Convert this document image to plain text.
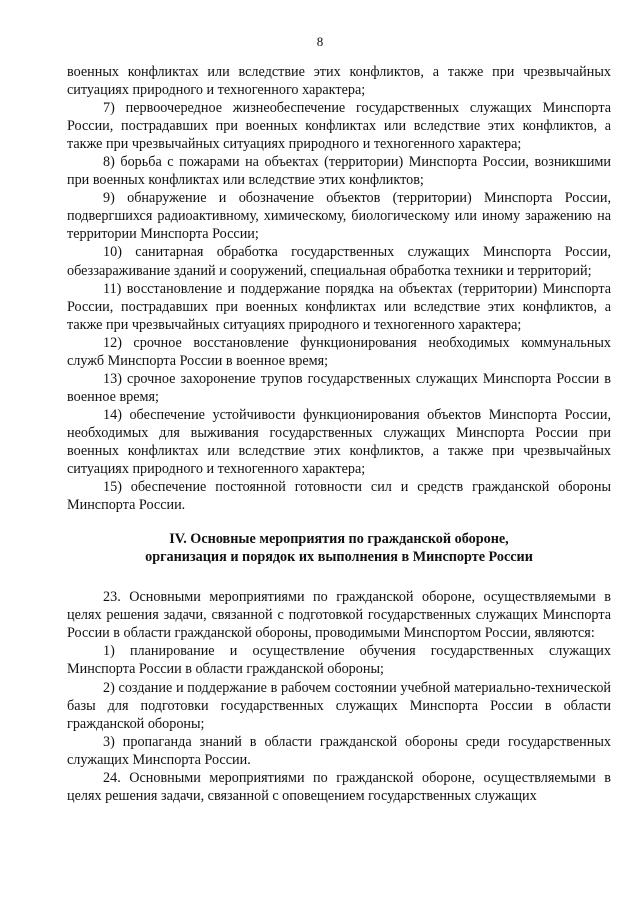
8

военных конфликтах или вследствие этих конфликтов, а также при чрезвычайных ситуациях природного и техногенного характера;

7) первоочередное жизнеобеспечение государственных служащих Минспорта России, пострадавших при военных конфликтах или вследствие этих конфликтов, а также при чрезвычайных ситуациях природного и техногенного характера;

8) борьба с пожарами на объектах (территории) Минспорта России, возникшими при военных конфликтах или вследствие этих конфликтов;

9) обнаружение и обозначение объектов (территории) Минспорта России, подвергшихся радиоактивному, химическому, биологическому или иному заражению на территории Минспорта России;

10) санитарная обработка государственных служащих Минспорта России, обеззараживание зданий и сооружений, специальная обработка техники и территорий;

11) восстановление и поддержание порядка на объектах (территории) Минспорта России, пострадавших при военных конфликтах или вследствие этих конфликтов, а также при чрезвычайных ситуациях природного и техногенного характера;

12) срочное восстановление функционирования необходимых коммунальных служб Минспорта России в военное время;

13) срочное захоронение трупов государственных служащих Минспорта России в военное время;

14) обеспечение устойчивости функционирования объектов Минспорта России, необходимых для выживания государственных служащих Минспорта России при военных конфликтах или вследствие этих конфликтов, а также при чрезвычайных ситуациях природного и техногенного характера;

15) обеспечение постоянной готовности сил и средств гражданской обороны Минспорта России.

IV. Основные мероприятия по гражданской обороне,
организация и порядок их выполнения в Минспорте России

23. Основными мероприятиями по гражданской обороне, осуществляемыми в целях решения задачи, связанной с подготовкой государственных служащих Минспорта России в области гражданской обороны, проводимыми Минспортом России, являются:

1) планирование и осуществление обучения государственных служащих Минспорта России в области гражданской обороны;

2) создание и поддержание в рабочем состоянии учебной материально-технической базы для подготовки государственных служащих Минспорта России в области гражданской обороны;

3) пропаганда знаний в области гражданской обороны среди государственных служащих Минспорта России.

24. Основными мероприятиями по гражданской обороне, осуществляемыми в целях решения задачи, связанной с оповещением государственных служащих
